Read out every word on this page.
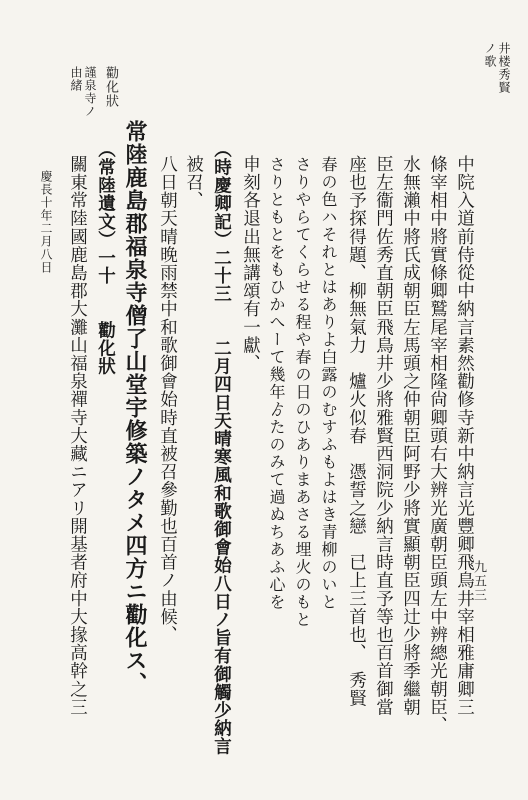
井楼秀賢
ノ歌
中院入道前侍從中納言素然勸修寺新中納言光豐卿飛鳥井宰相雅庸卿三
條宰相中將實條卿鷲尾宰相隆尙卿頭右大辨光廣朝臣頭左中辨總光朝臣、
水無瀨中將氏成朝臣左馬頭之仲朝臣阿野少將實顯朝臣四辻少將季繼朝
臣左衞門佐秀直朝臣飛鳥井少將雅賢西洞院少納言時直予等也百首御當
座也予探得題、柳無氣力　爐火似春　憑誓之戀　已上三首也、　秀賢
春の色ハそれとはありよ白露のむすふもよはき青柳のいと
さりやらてくらせる程や春の日のひありまあさる埋火のもと
さりともとをもひかへーて幾年ゟたのみて過ぬちあふ心を
申刻各退出無講頌有一獻、
（時慶卿記）二十三　　二月四日天晴寒風和歌御會始八日ノ旨有御觸少納言
被召、
八日朝天晴晚雨禁中和歌御會始時直被召參勤也百首ノ由候、
常陸鹿島郡福泉寺僧了山堂宇修築ノタメ四方ニ勸化ス、
（常陸遺文）一十　　勸化狀
關東常陸國鹿島郡大灘山福泉禪寺大藏ニアリ開基者府中大掾高幹之三
慶長十年二月八日
勸化狀
謹泉寺ノ
由緒
九五三
